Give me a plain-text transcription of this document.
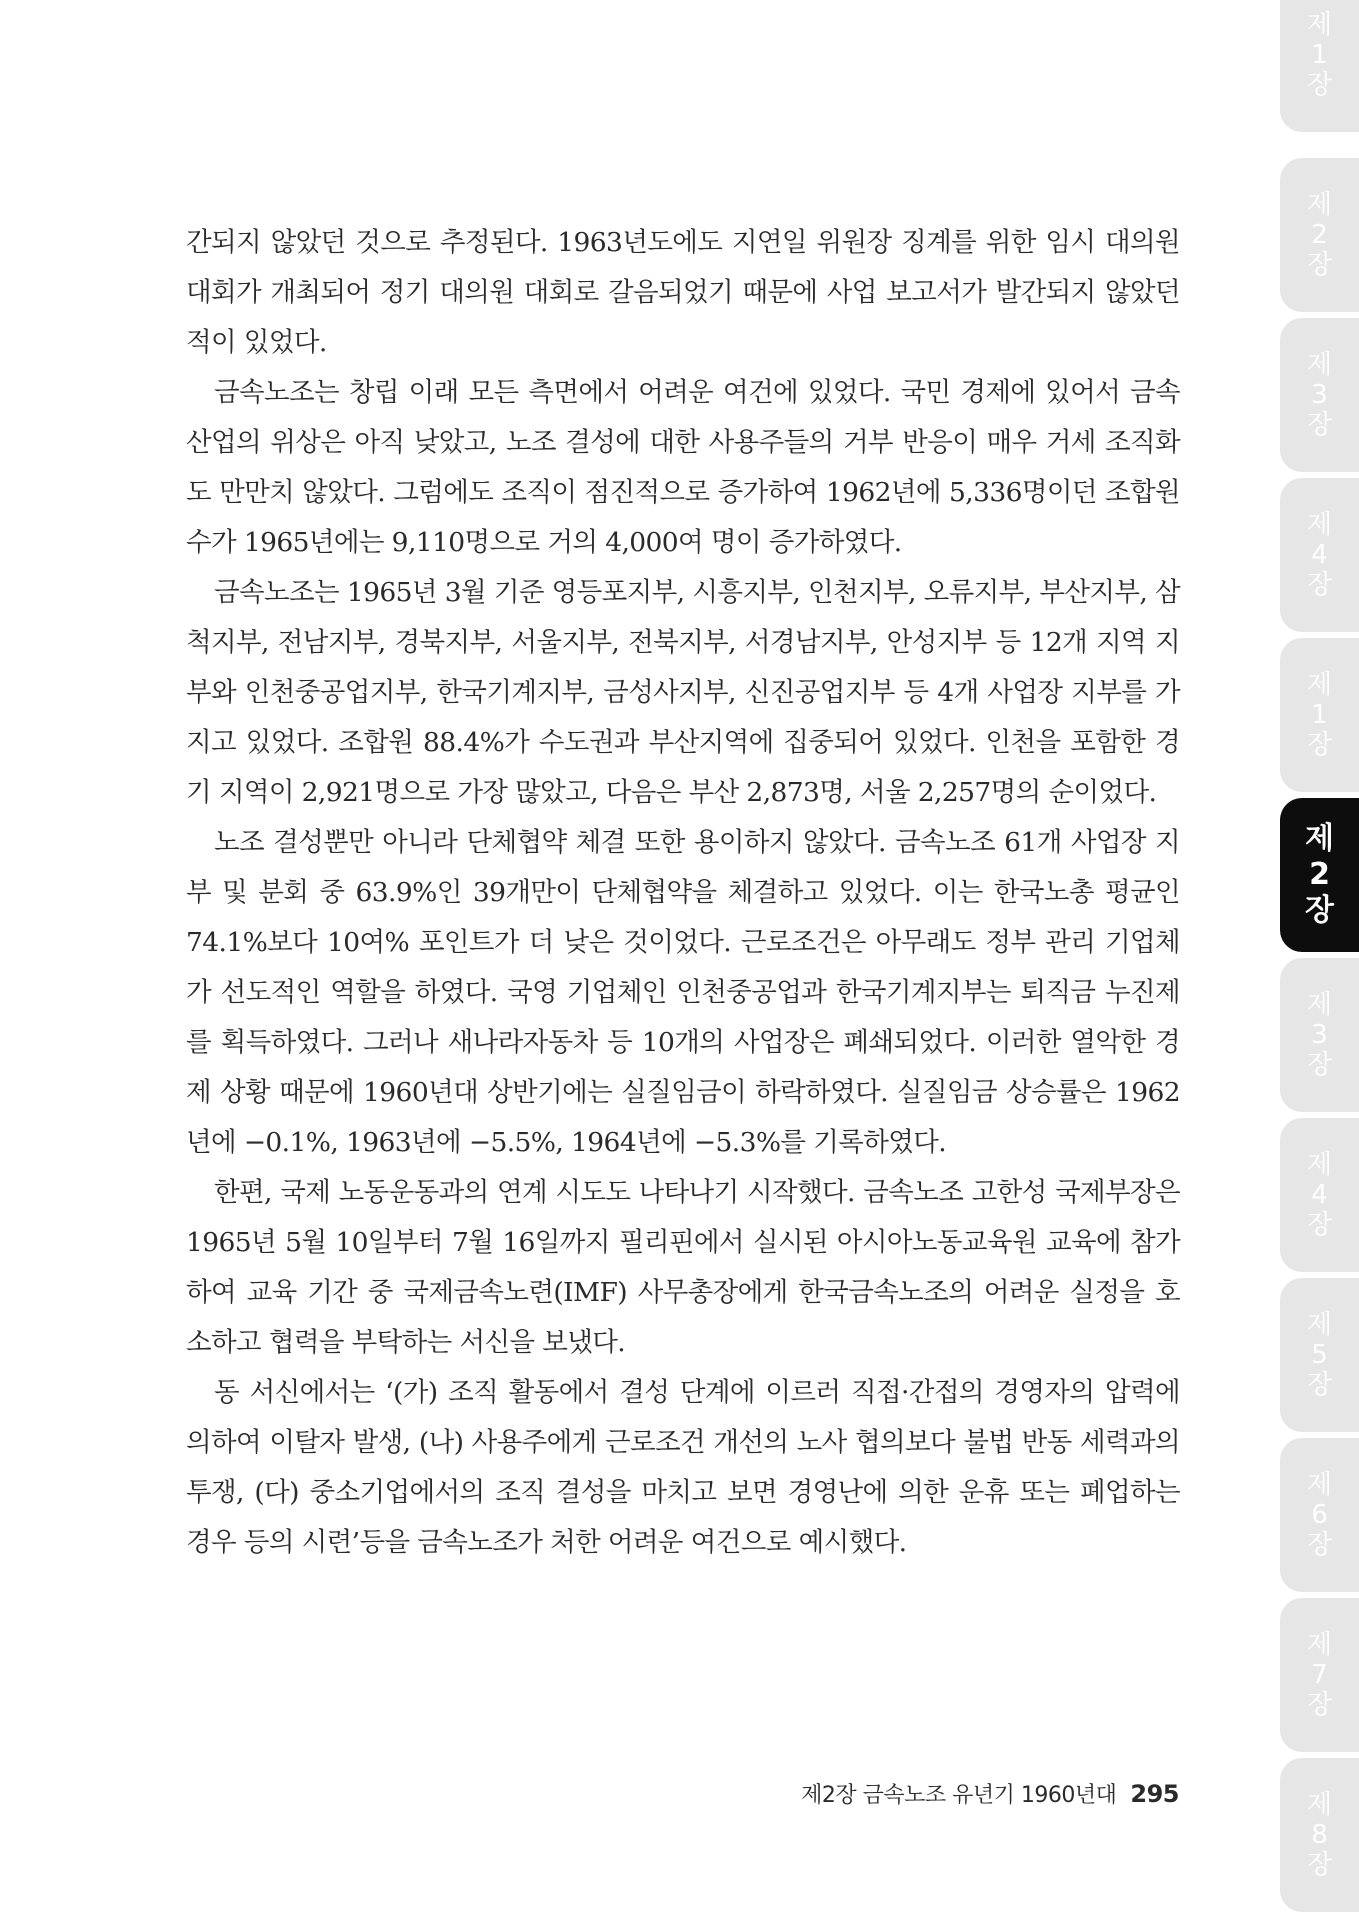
간되지 않았던 것으로 추정된다. 1963년도에도 지연일 위원장 징계를 위한 임시 대의원 대회가 개최되어 정기 대의원 대회로 갈음되었기 때문에 사업 보고서가 발간되지 않았던 적이 있었다.

금속노조는 창립 이래 모든 측면에서 어려운 여건에 있었다. 국민 경제에 있어서 금속 산업의 위상은 아직 낮았고, 노조 결성에 대한 사용주들의 거부 반응이 매우 거세 조직화도 만만치 않았다. 그럼에도 조직이 점진적으로 증가하여 1962년에 5,336명이던 조합원 수가 1965년에는 9,110명으로 거의 4,000여 명이 증가하였다.

금속노조는 1965년 3월 기준 영등포지부, 시흥지부, 인천지부, 오류지부, 부산지부, 삼척지부, 전남지부, 경북지부, 서울지부, 전북지부, 서경남지부, 안성지부 등 12개 지역 지부와 인천중공업지부, 한국기계지부, 금성사지부, 신진공업지부 등 4개 사업장 지부를 가지고 있었다. 조합원 88.4%가 수도권과 부산지역에 집중되어 있었다. 인천을 포함한 경기 지역이 2,921명으로 가장 많았고, 다음은 부산 2,873명, 서울 2,257명의 순이었다.

노조 결성뿐만 아니라 단체협약 체결 또한 용이하지 않았다. 금속노조 61개 사업장 지부 및 분회 중 63.9%인 39개만이 단체협약을 체결하고 있었다. 이는 한국노총 평균인 74.1%보다 10여% 포인트가 더 낮은 것이었다. 근로조건은 아무래도 정부 관리 기업체가 선도적인 역할을 하였다. 국영 기업체인 인천중공업과 한국기계지부는 퇴직금 누진제를 획득하였다. 그러나 새나라자동차 등 10개의 사업장은 폐쇄되었다. 이러한 열악한 경제 상황 때문에 1960년대 상반기에는 실질임금이 하락하였다. 실질임금 상승률은 1962년에 −0.1%, 1963년에 −5.5%, 1964년에 −5.3%를 기록하였다.

한편, 국제 노동운동과의 연계 시도도 나타나기 시작했다. 금속노조 고한성 국제부장은 1965년 5월 10일부터 7월 16일까지 필리핀에서 실시된 아시아노동교육원 교육에 참가하여 교육 기간 중 국제금속노련(IMF) 사무총장에게 한국금속노조의 어려운 실정을 호소하고 협력을 부탁하는 서신을 보냈다.

동 서신에서는 ‘(가) 조직 활동에서 결성 단계에 이르러 직접·간접의 경영자의 압력에 의하여 이탈자 발생, (나) 사용주에게 근로조건 개선의 노사 협의보다 불법 반동 세력과의 투쟁, (다) 중소기업에서의 조직 결성을 마치고 보면 경영난에 의한 운휴 또는 폐업하는 경우 등의 시련’등을 금속노조가 처한 어려운 여건으로 예시했다.

제
1
장
제
2
장
제
3
장
제
4
장
제
1
장
제
2
장
제
3
장
제
4
장
제
5
장
제
6
장
제
7
장
제
8
장
제2장 금속노조 유년기 1960년대 295
